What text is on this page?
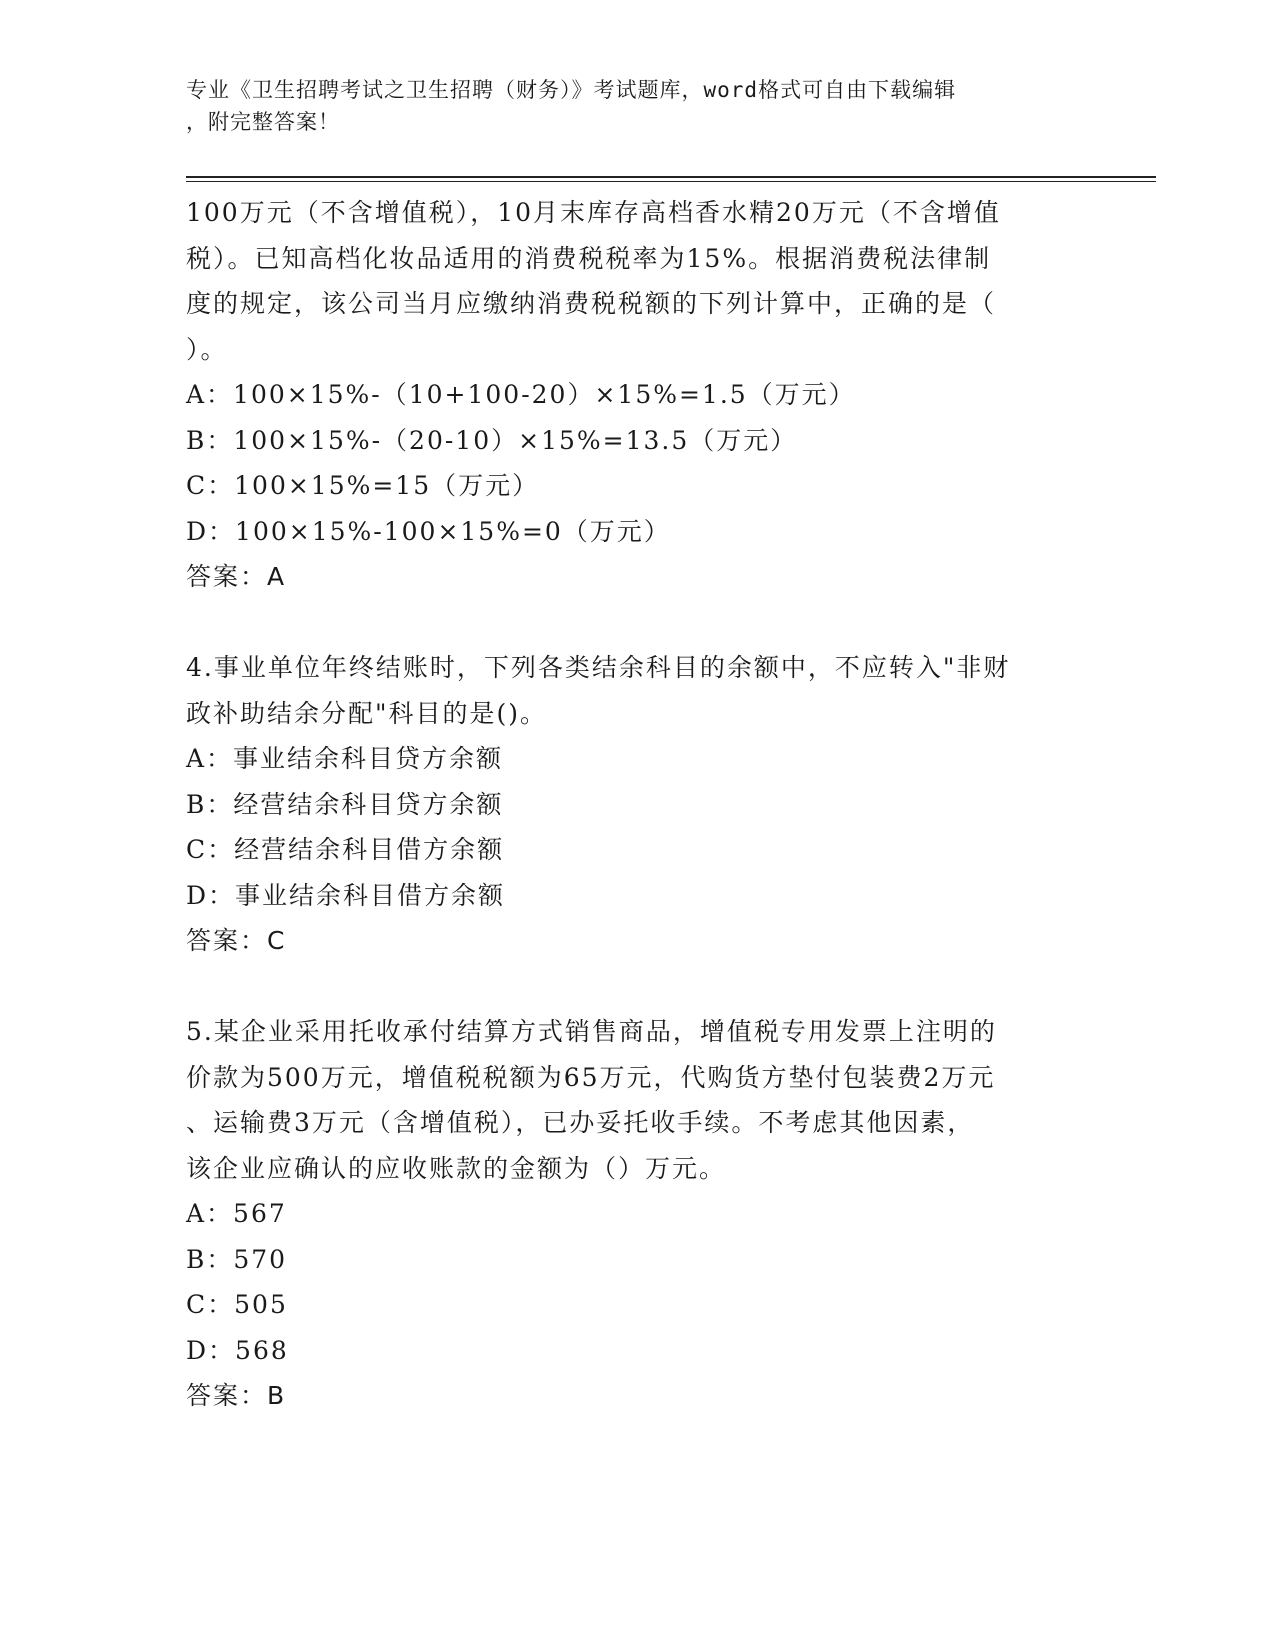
专业《卫生招聘考试之卫生招聘（财务）》考试题库，word格式可自由下载编辑
，附完整答案！

100万元（不含增值税），10月末库存高档香水精20万元（不含增值

税）。已知高档化妆品适用的消费税税率为15%。根据消费税法律制

度的规定，该公司当月应缴纳消费税税额的下列计算中，正确的是（

）。

A：100×15%-（10+100-20）×15%=1.5（万元）

B：100×15%-（20-10）×15%=13.5（万元）

C：100×15%=15（万元）

D：100×15%-100×15%=0（万元）

答案：A

4.事业单位年终结账时，下列各类结余科目的余额中，不应转入"非财

政补助结余分配"科目的是()。

A：事业结余科目贷方余额

B：经营结余科目贷方余额

C：经营结余科目借方余额

D：事业结余科目借方余额

答案：C

5.某企业采用托收承付结算方式销售商品，增值税专用发票上注明的

价款为500万元，增值税税额为65万元，代购货方垫付包装费2万元

、运输费3万元（含增值税），已办妥托收手续。不考虑其他因素，

该企业应确认的应收账款的金额为（）万元。

A：567

B：570

C：505

D：568

答案：B
